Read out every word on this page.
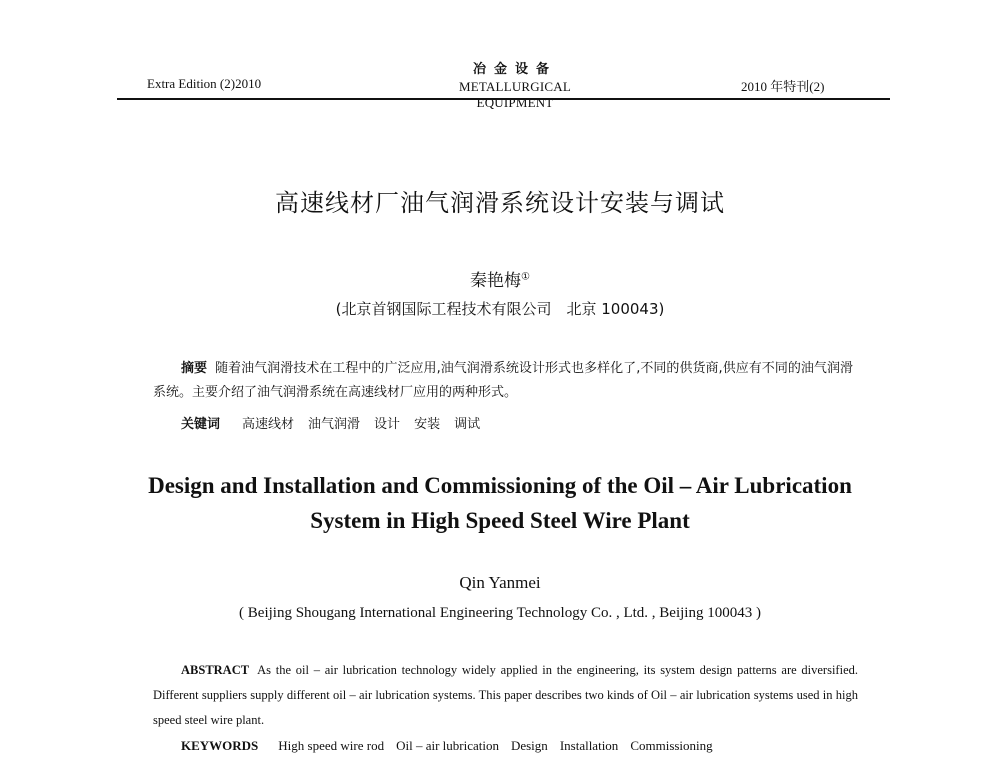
Extra Edition (2)2010
冶金设备
METALLURGICAL EQUIPMENT
2010 年特刊(2)
高速线材厂油气润滑系统设计安装与调试
秦艳梅①
(北京首钢国际工程技术有限公司　北京 100043)
摘要 随着油气润滑技术在工程中的广泛应用,油气润滑系统设计形式也多样化了,不同的供货商,供应有不同的油气润滑系统。主要介绍了油气润滑系统在高速线材厂应用的两种形式。
关键词 高速线材 油气润滑 设计 安装 调试
Design and Installation and Commissioning of the Oil – Air Lubrication
System in High Speed Steel Wire Plant
Qin Yanmei
( Beijing Shougang International Engineering Technology Co. , Ltd. , Beijing 100043 )
ABSTRACT As the oil – air lubrication technology widely applied in the engineering, its system design patterns are diversified. Different suppliers supply different oil – air lubrication systems. This paper describes two kinds of Oil – air lubrication systems used in high speed steel wire plant.
KEYWORDS High speed wire rod Oil – air lubrication Design Installation Commissioning
